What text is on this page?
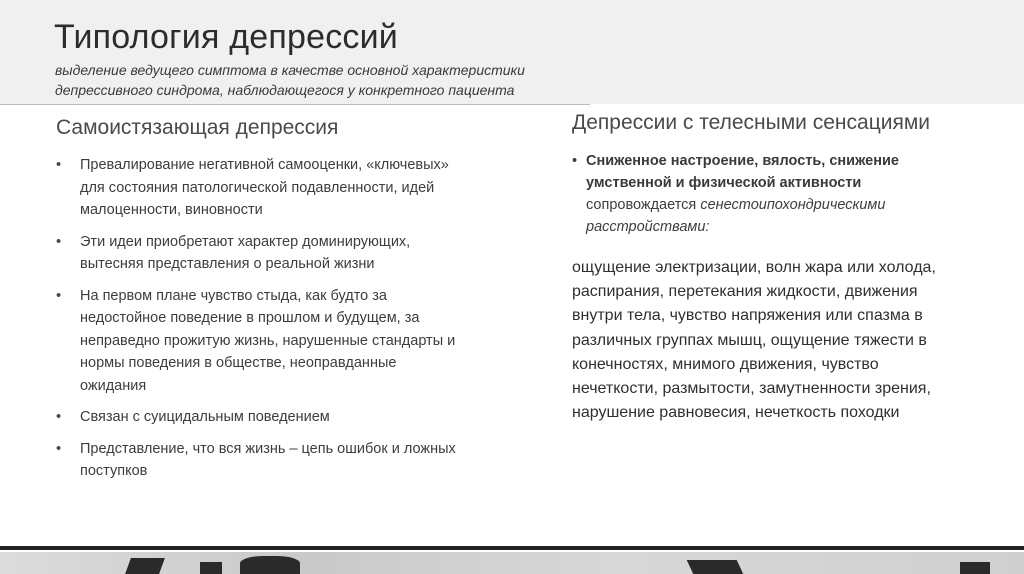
Типология депрессий
выделение ведущего симптома в качестве основной характеристики депрессивного синдрома, наблюдающегося у конкретного пациента
Самоистязающая депрессия
• Превалирование негативной самооценки, «ключевых» для состояния патологической подавленности, идей малоценности, виновности
• Эти идеи приобретают характер доминирующих, вытесняя представления о реальной жизни
• На первом плане чувство стыда, как будто за недостойное поведение в прошлом и будущем, за неправедно прожитую жизнь, нарушенные стандарты и нормы поведения в обществе, неоправданные ожидания
• Связан с суицидальным поведением
• Представление, что вся жизнь – цепь ошибок и ложных поступков
Депрессии с телесными сенсациями
• Сниженное настроение, вялость, снижение умственной и физической активности сопровождается сенестоипохондрическими расстройствами:
ощущение электризации, волн жара или холода, распирания, перетекания жидкости, движения внутри тела, чувство напряжения или спазма в различных группах мышц, ощущение тяжести в конечностях, мнимого движения, чувство нечеткости, размытости, замутненности зрения, нарушение равновесия, нечеткость походки
